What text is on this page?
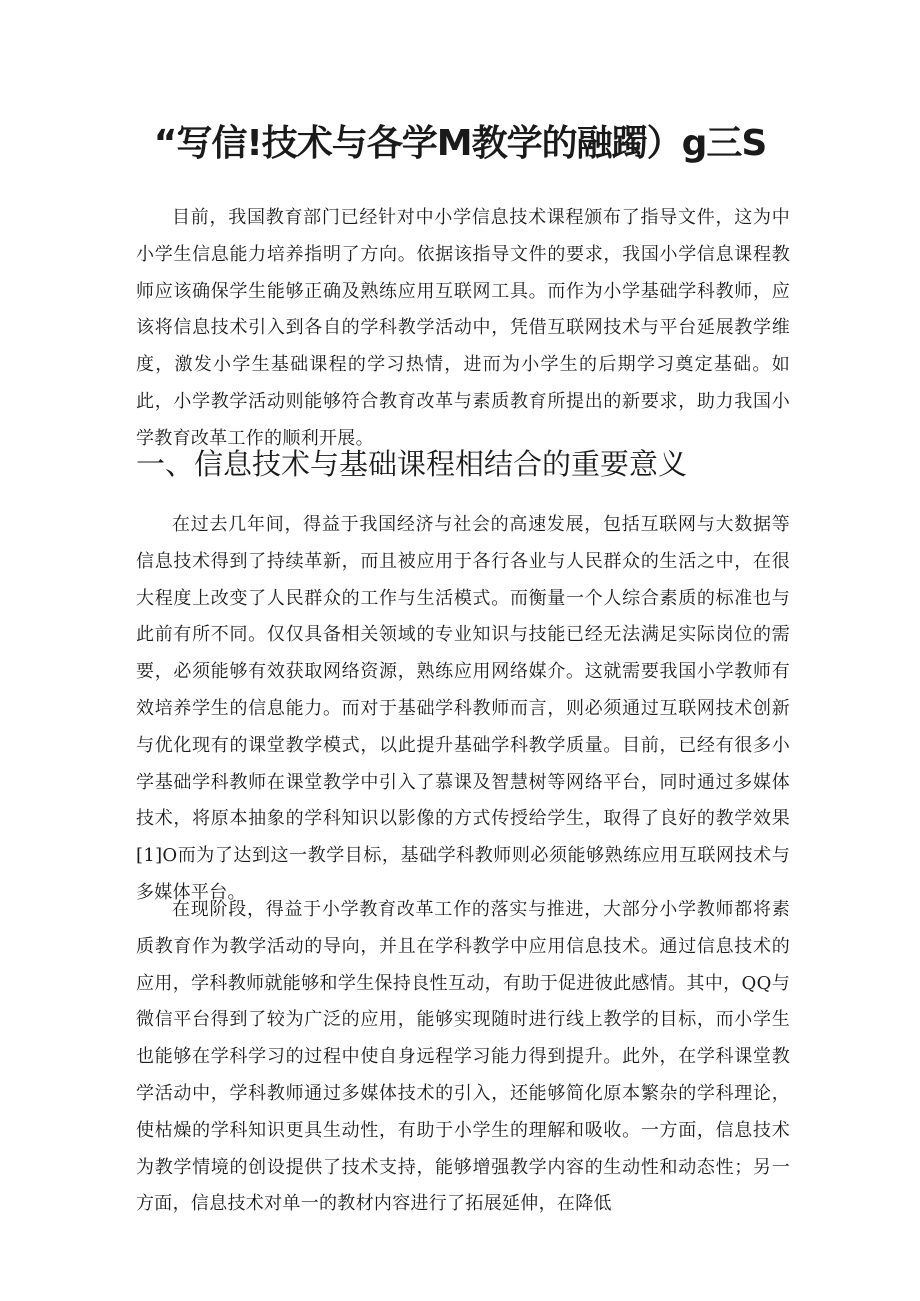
“写信!技术与各学M教学的融躅）g三S

目前，我国教育部门已经针对中小学信息技术课程颁布了指导文件，这为中小学生信息能力培养指明了方向。依据该指导文件的要求，我国小学信息课程教师应该确保学生能够正确及熟练应用互联网工具。而作为小学基础学科教师，应该将信息技术引入到各自的学科教学活动中，凭借互联网技术与平台延展教学维度，激发小学生基础课程的学习热情，进而为小学生的后期学习奠定基础。如此，小学教学活动则能够符合教育改革与素质教育所提出的新要求，助力我国小学教育改革工作的顺利开展。

一、信息技术与基础课程相结合的重要意义

在过去几年间，得益于我国经济与社会的高速发展，包括互联网与大数据等信息技术得到了持续革新，而且被应用于各行各业与人民群众的生活之中，在很大程度上改变了人民群众的工作与生活模式。而衡量一个人综合素质的标准也与此前有所不同。仅仅具备相关领域的专业知识与技能已经无法满足实际岗位的需要，必须能够有效获取网络资源，熟练应用网络媒介。这就需要我国小学教师有效培养学生的信息能力。而对于基础学科教师而言，则必须通过互联网技术创新与优化现有的课堂教学模式，以此提升基础学科教学质量。目前，已经有很多小学基础学科教师在课堂教学中引入了慕课及智慧树等网络平台，同时通过多媒体技术，将原本抽象的学科知识以影像的方式传授给学生，取得了良好的教学效果[1]O而为了达到这一教学目标，基础学科教师则必须能够熟练应用互联网技术与多媒体平台。

在现阶段，得益于小学教育改革工作的落实与推进，大部分小学教师都将素质教育作为教学活动的导向，并且在学科教学中应用信息技术。通过信息技术的应用，学科教师就能够和学生保持良性互动，有助于促进彼此感情。其中，QQ与微信平台得到了较为广泛的应用，能够实现随时进行线上教学的目标，而小学生也能够在学科学习的过程中使自身远程学习能力得到提升。此外，在学科课堂教学活动中，学科教师通过多媒体技术的引入，还能够简化原本繁杂的学科理论，使枯燥的学科知识更具生动性，有助于小学生的理解和吸收。一方面，信息技术为教学情境的创设提供了技术支持，能够增强教学内容的生动性和动态性；另一方面，信息技术对单一的教材内容进行了拓展延伸，在降低
